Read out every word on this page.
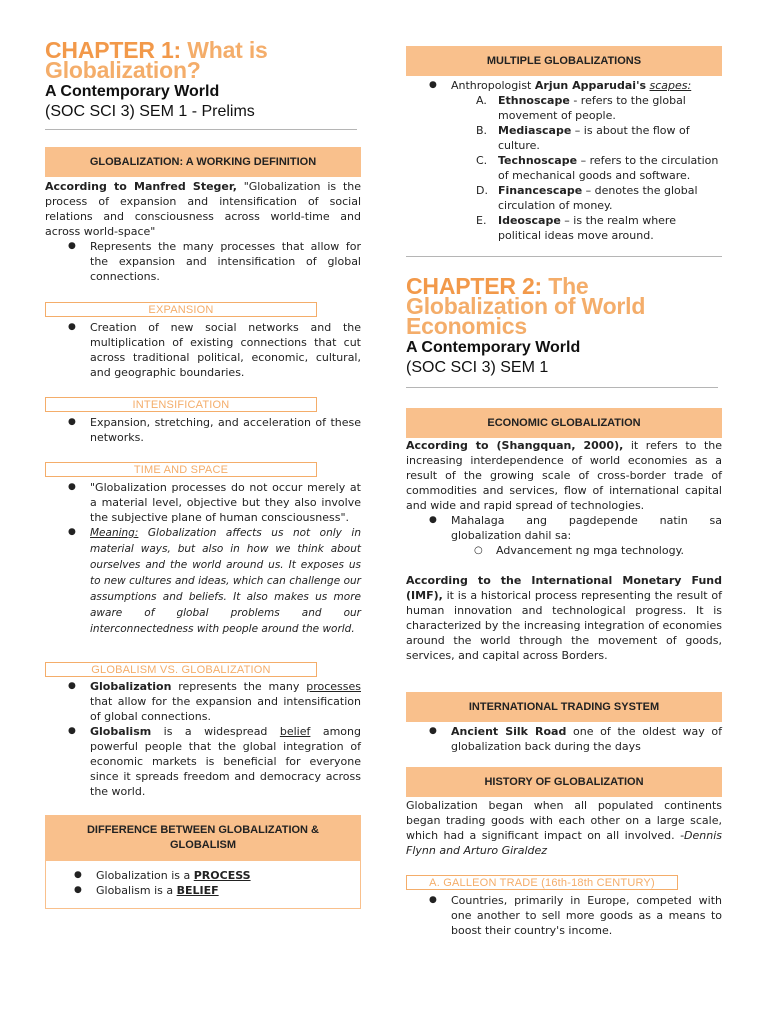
CHAPTER 1: What is
Globalization?

A Contemporary World

(SOC SCI 3) SEM 1 - Prelims

GLOBALIZATION: A WORKING DEFINITION

According to Manfred Steger, "Globalization is the process of expansion and intensification of social relations and consciousness across world-time and across world-space"

● Represents the many processes that allow for the expansion and intensification of global connections.
EXPANSION
● Creation of new social networks and the multiplication of existing connections that cut across traditional political, economic, cultural, and geographic boundaries.
INTENSIFICATION
● Expansion, stretching, and acceleration of these networks.
TIME AND SPACE
● "Globalization processes do not occur merely at a material level, objective but they also involve the subjective plane of human consciousness".
● Meaning: Globalization affects us not only in material ways, but also in how we think about ourselves and the world around us. It exposes us to new cultures and ideas, which can challenge our assumptions and beliefs. It also makes us more aware of global problems and our interconnectedness with people around the world.
GLOBALISM VS. GLOBALIZATION
● Globalization represents the many processes that allow for the expansion and intensification of global connections.
● Globalism is a widespread belief among powerful people that the global integration of economic markets is beneficial for everyone since it spreads freedom and democracy across the world.
DIFFERENCE BETWEEN GLOBALIZATION &
GLOBALISM
● Globalization is a PROCESS
● Globalism is a BELIEF
MULTIPLE GLOBALIZATIONS
● Anthropologist Arjun Apparudai's scapes:
A. Ethnoscape - refers to the global movement of people.
B. Mediascape – is about the flow of culture.
C. Technoscape – refers to the circulation of mechanical goods and software.
D. Financescape – denotes the global circulation of money.
E. Ideoscape – is the realm where political ideas move around.
CHAPTER 2: The
Globalization of World
Economics

A Contemporary World

(SOC SCI 3) SEM 1

ECONOMIC GLOBALIZATION

According to (Shangquan, 2000), it refers to the increasing interdependence of world economies as a result of the growing scale of cross-border trade of commodities and services, flow of international capital and wide and rapid spread of technologies.

● Mahalaga ang pagdepende natin sa globalization dahil sa:
○ Advancement ng mga technology.

According to the International Monetary Fund (IMF), it is a historical process representing the result of human innovation and technological progress. It is characterized by the increasing integration of economies around the world through the movement of goods, services, and capital across Borders.

INTERNATIONAL TRADING SYSTEM
● Ancient Silk Road one of the oldest way of globalization back during the days
HISTORY OF GLOBALIZATION

Globalization began when all populated continents began trading goods with each other on a large scale, which had a significant impact on all involved. -Dennis Flynn and Arturo Giraldez

A. GALLEON TRADE (16th-18th CENTURY)
● Countries, primarily in Europe, competed with one another to sell more goods as a means to boost their country's income.
